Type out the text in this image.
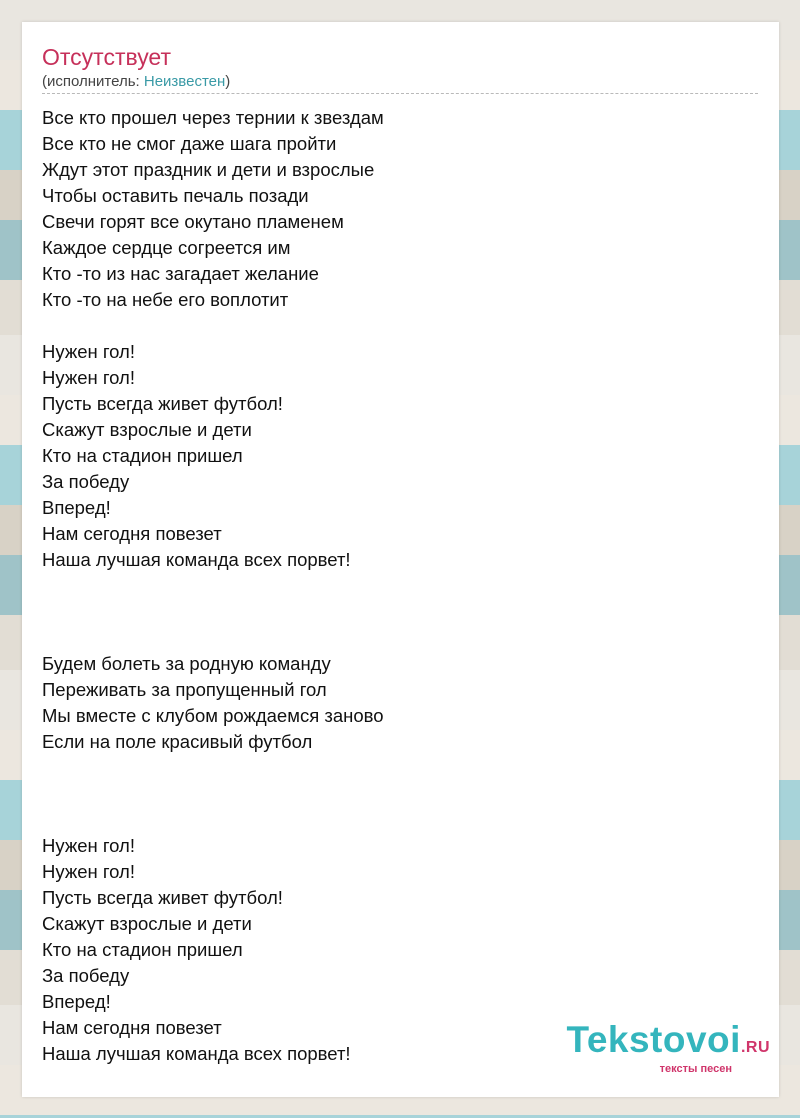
Отсутствует
(исполнитель: Неизвестен)
Все кто прошел через тернии к звездам
Все кто не смог даже шага пройти
Ждут этот праздник и дети и взрослые
Чтобы оставить печаль позади
Свечи горят все окутано пламенем
Каждое сердце согреется им
Кто -то из нас загадает желание
Кто -то на небе его воплотит

Нужен гол!
Нужен гол!
Пусть всегда живет футбол!
Скажут взрослые и дети
Кто на стадион пришел
За победу
Вперед!
Нам сегодня повезет
Наша лучшая команда всех порвет!

Будем болеть за родную команду
Переживать за пропущенный гол
Мы вместе с клубом рождаемся заново
Если на поле красивый футбол

Нужен гол!
Нужен гол!
Пусть всегда живет футбол!
Скажут взрослые и дети
Кто на стадион пришел
За победу
Вперед!
Нам сегодня повезет
Наша лучшая команда всех порвет!	Tekstovoi.RU
тексты песен
